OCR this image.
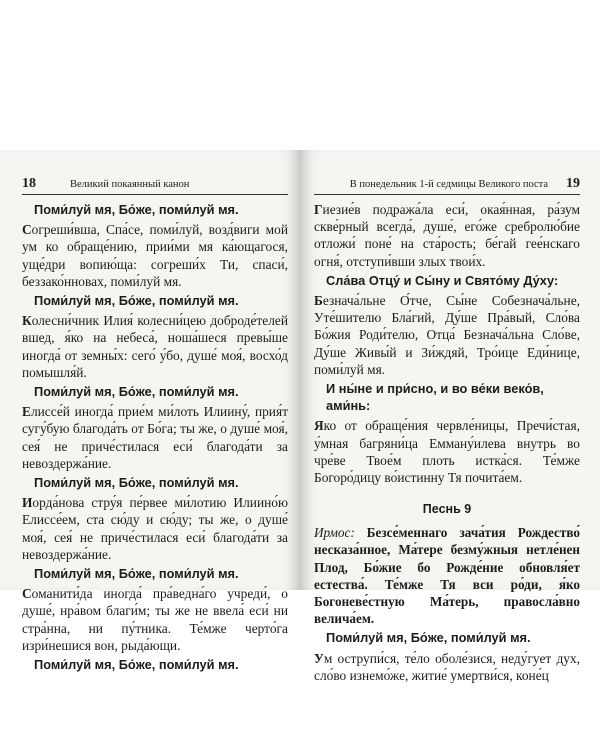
18	Великий покаянный канон

Поми́луй мя, Бо́же, поми́луй мя.

Согреши́вша, Спа́се, поми́луй, возд́виги мой ум ко обраще́нию, прии́ми мя ка́ющагося, уще́дри вопию́ща: согреши́х Ти, спаси́, беззако́нновах, поми́луй мя.

Поми́луй мя, Бо́же, поми́луй мя.

Колесни́чник Илия́ колесни́цею доброде́телей вшед, я́ко на небеса́, ноша́шеся превы́ше иногда́ от земны́х: сего́ у́бо, душе́ моя́, восхо́д помышля́й.

Поми́луй мя, Бо́же, поми́луй мя.

Елиссе́й иногда́ прие́м ми́лоть Илиину́, прия́т сугу́бую благода́ть от Бо́га; ты же, о душе́ моя́, сея́ не приче́стилася еси́ благода́ти за невоздержа́ние.

Поми́луй мя, Бо́же, поми́луй мя.

Иорда́нова стру́я пе́рвее ми́лотию Илиино́ю Елиссе́ем, ста сю́ду и сю́ду; ты же, о душе́ моя́, сея́ не приче́стилася еси́ благода́ти за невоздержа́ние.

Поми́луй мя, Бо́же, поми́луй мя.

Соманити́да иногда́ пра́ведна́го учреди́, о душе́, нра́вом благи́м; ты же не ввела́ еси́ ни стра́нна, ни пу́тника. Те́мже черто́га изри́нешися вон, рыда́ющи.

Поми́луй мя, Бо́же, поми́луй мя.

В понедельник 1-й седмицы Великого поста 19

Гиезие́в подража́ла еси́, окая́нная, ра́зум скве́рный всегда́, душе́, его́же сребролю́бие отложи́ поне́ на ста́рость; бе́гай гее́нскаго огня́, отступи́вши злых твои́х.

Сла́ва Отцу́ и Сы́ну и Свято́му Ду́ху:

Безнача́льне О́тче, Сы́не Собезнача́льне, Уте́шителю Бла́гий, Ду́ше Пра́вый, Сло́ва Бо́жия Роди́телю, Отца́ Безнача́льна Сло́ве, Ду́ше Живы́й и Зи́ждяй, Тро́ице Еди́нице, поми́луй мя.

И ны́не и при́сно, и во ве́ки веко́в, ами́нь:

Яко от обраще́ния червле́ницы, Пречи́стая, у́мная багряни́ца Емману́илева внутрь во чре́ве Твое́м плоть истка́ся. Те́мже Богоро́дицу во́истинну Тя почита́ем.

Песнь 9

Ирмос: Безсе́меннаго зача́тия Рождество́ несказа́нное, Ма́тере безму́жныя нетле́нен Плод, Бо́жие бо Рожде́ние обновля́ет естества́. Те́мже Тя вси ро́ди, я́ко Богоневе́стную Ма́терь, правосла́вно велича́ем.

Поми́луй мя, Бо́же, поми́луй мя.

Ум острупи́ся, те́ло оболе́зися, неду́гует дух, сло́во изнемо́же, житие́ умертви́ся, коне́ц
